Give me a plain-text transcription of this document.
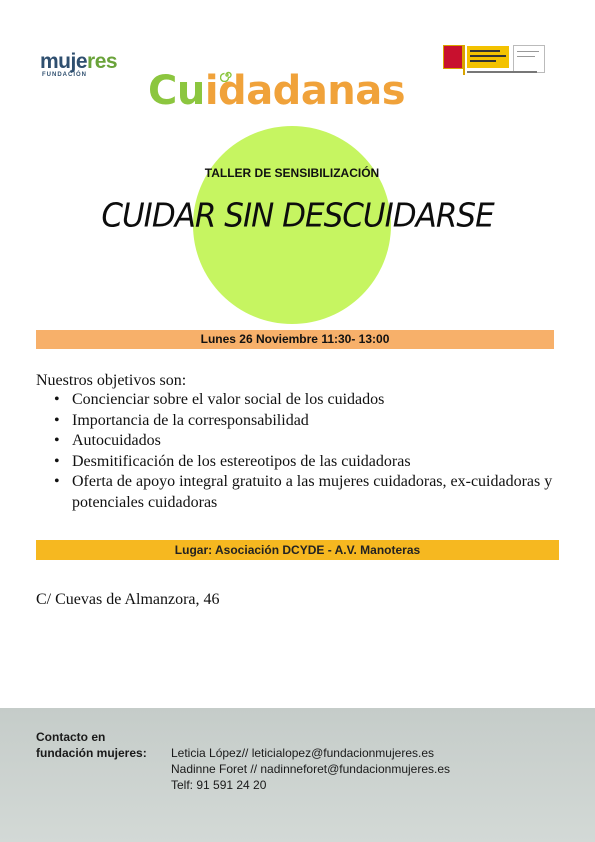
mujeres
FUNDACIÓN	Cuidadanas
TALLER DE SENSIBILIZACIÓN
CUIDAR SIN DESCUIDARSE
Lunes 26 Noviembre 11:30- 13:00
Nuestros objetivos son:
• Concienciar sobre el valor social de los cuidados
• Importancia de la corresponsabilidad
• Autocuidados
• Desmitificación de los estereotipos de las cuidadoras
• Oferta de apoyo integral gratuito a las mujeres cuidadoras, ex-cuidadoras y potenciales cuidadoras
Lugar: Asociación DCYDE - A.V. Manoteras
C/ Cuevas de Almanzora, 46
Contacto en
fundación mujeres: Leticia López// leticialopez@fundacionmujeres.es
Nadinne Foret // nadinneforet@fundacionmujeres.es
Telf: 91 591 24 20
